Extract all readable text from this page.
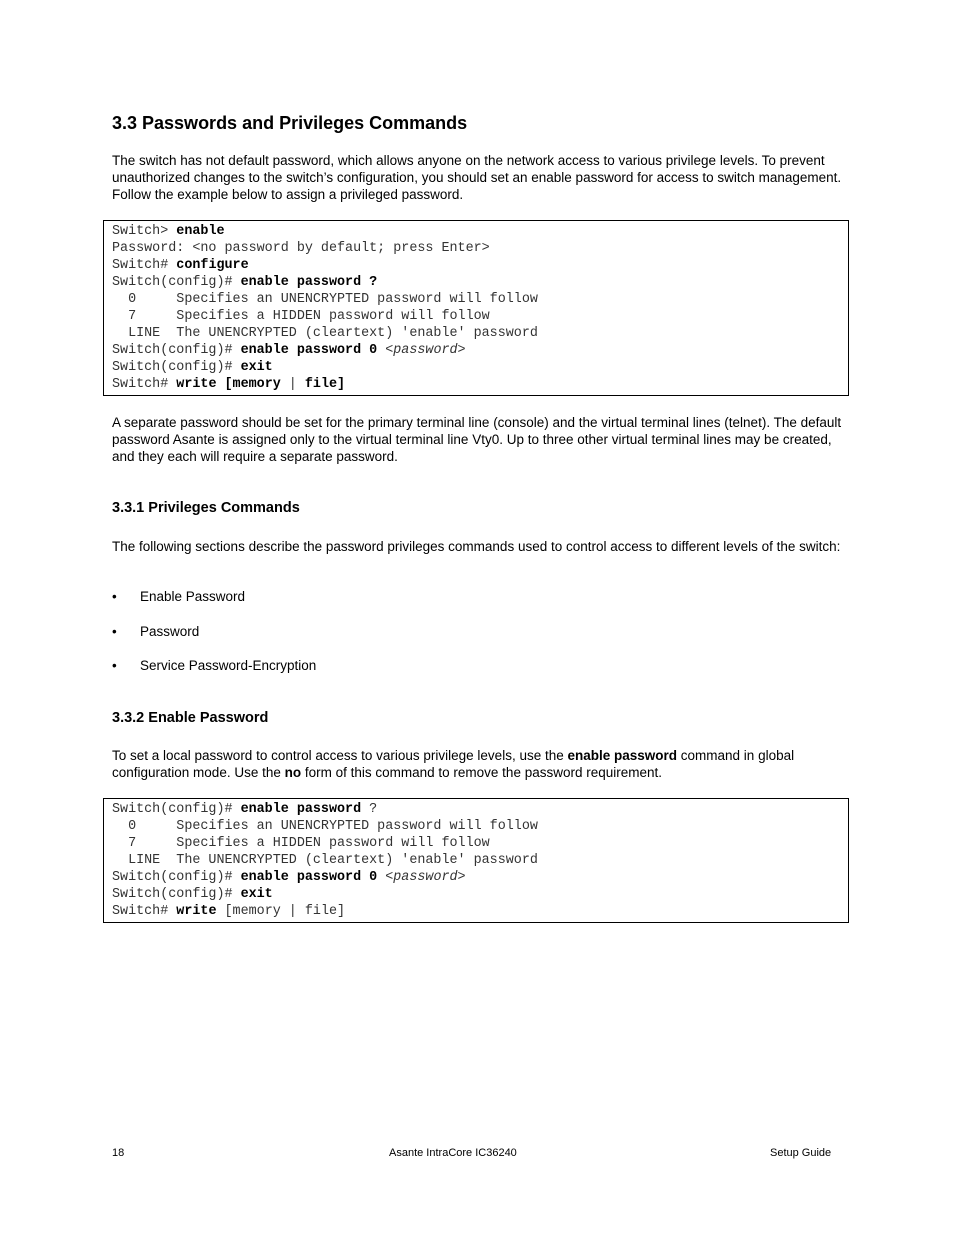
3.3 Passwords and Privileges Commands

The switch has not default password, which allows anyone on the network access to various privilege levels. To prevent unauthorized changes to the switch’s configuration, you should set an enable password for access to switch management. Follow the example below to assign a privileged password.

Switch> enable
Password: <no password by default; press Enter>
Switch# configure
Switch(config)# enable password ?
0     Specifies an UNENCRYPTED password will follow
7     Specifies a HIDDEN password will follow
LINE  The UNENCRYPTED (cleartext) 'enable' password
Switch(config)# enable password 0 <password>
Switch(config)# exit
Switch# write [memory | file]

A separate password should be set for the primary terminal line (console) and the virtual terminal lines (telnet). The default password Asante is assigned only to the virtual terminal line Vty0. Up to three other virtual terminal lines may be created, and they each will require a separate password.

3.3.1 Privileges Commands

The following sections describe the password privileges commands used to control access to different levels of the switch:

• Enable Password
• Password
• Service Password-Encryption
3.3.2 Enable Password

To set a local password to control access to various privilege levels, use the enable password command in global configuration mode. Use the no form of this command to remove the password requirement.

Switch(config)# enable password ?
0     Specifies an UNENCRYPTED password will follow
7     Specifies a HIDDEN password will follow
LINE  The UNENCRYPTED (cleartext) 'enable' password
Switch(config)# enable password 0 <password>
Switch(config)# exit
Switch# write [memory | file]
18	Asante IntraCore IC36240	Setup Guide
